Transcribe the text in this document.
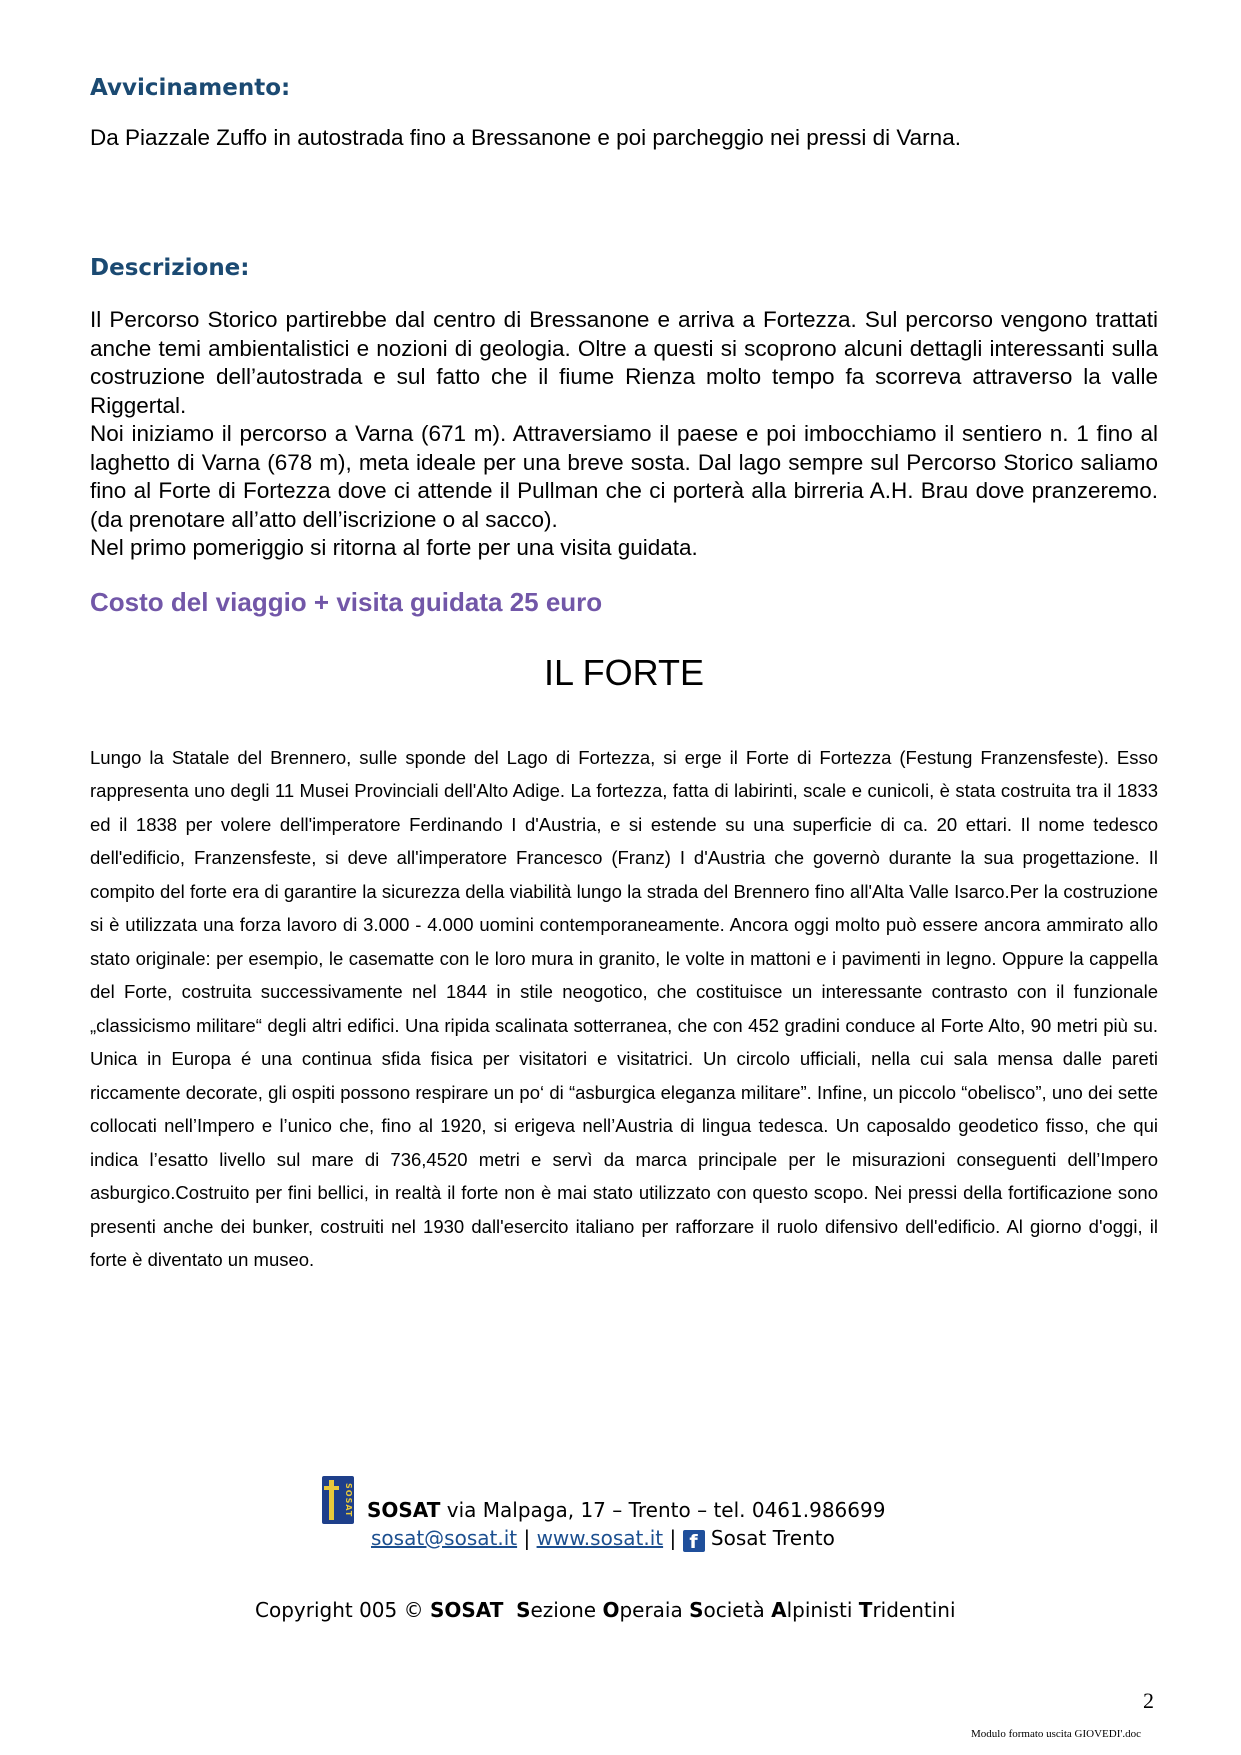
Avvicinamento:

Da Piazzale Zuffo in autostrada fino a Bressanone e poi parcheggio nei pressi di Varna.

Descrizione:

Il Percorso Storico partirebbe dal centro di Bressanone e arriva a Fortezza. Sul percorso vengono trattati anche temi ambientalistici e nozioni di geologia. Oltre a questi si scoprono alcuni dettagli interessanti sulla costruzione dell’autostrada e sul fatto che il fiume Rienza molto tempo fa scorreva attraverso la valle Riggertal.

Noi iniziamo il percorso a Varna (671 m). Attraversiamo il paese e poi imbocchiamo il sentiero n. 1 fino al laghetto di Varna (678 m), meta ideale per una breve sosta. Dal lago sempre sul Percorso Storico saliamo fino al Forte di Fortezza dove ci attende il Pullman che ci porterà alla birreria A.H. Brau dove pranzeremo. (da prenotare all’atto dell’iscrizione o al sacco).

Nel primo pomeriggio si ritorna al forte per una visita guidata.

Costo del viaggio + visita guidata 25 euro

IL FORTE

Lungo la Statale del Brennero, sulle sponde del Lago di Fortezza, si erge il Forte di Fortezza (Festung Franzensfeste). Esso rappresenta uno degli 11 Musei Provinciali dell'Alto Adige. La fortezza, fatta di labirinti, scale e cunicoli, è stata costruita tra il 1833 ed il 1838 per volere dell'imperatore Ferdinando I d'Austria, e si estende su una superficie di ca. 20 ettari. Il nome tedesco dell'edificio, Franzensfeste, si deve all'imperatore Francesco (Franz) I d'Austria che governò durante la sua progettazione. Il compito del forte era di garantire la sicurezza della viabilità lungo la strada del Brennero fino all'Alta Valle Isarco.Per la costruzione si è utilizzata una forza lavoro di 3.000 - 4.000 uomini contemporaneamente. Ancora oggi molto può essere ancora ammirato allo stato originale: per esempio, le casematte con le loro mura in granito, le volte in mattoni e i pavimenti in legno. Oppure la cappella del Forte, costruita successivamente nel 1844 in stile neogotico, che costituisce un interessante contrasto con il funzionale „classicismo militare“ degli altri edifici. Una ripida scalinata sotterranea, che con 452 gradini conduce al Forte Alto, 90 metri più su. Unica in Europa é una continua sfida fisica per visitatori e visitatrici. Un circolo ufficiali, nella cui sala mensa dalle pareti riccamente decorate, gli ospiti possono respirare un po‘ di “asburgica eleganza militare”. Infine, un piccolo “obelisco”, uno dei sette collocati nell’Impero e l’unico che, fino al 1920, si erigeva nell’Austria di lingua tedesca. Un caposaldo geodetico fisso, che qui indica l’esatto livello sul mare di 736,4520 metri e servì da marca principale per le misurazioni conseguenti dell’Impero asburgico.Costruito per fini bellici, in realtà il forte non è mai stato utilizzato con questo scopo. Nei pressi della fortificazione sono presenti anche dei bunker, costruiti nel 1930 dall'esercito italiano per rafforzare il ruolo difensivo dell'edificio. Al giorno d'oggi, il forte è diventato un museo.

SOSAT SOSAT via Malpaga, 17 – Trento – tel. 0461.986699
sosat@sosat.it | www.sosat.it | f Sosat Trento
Copyright 005 © SOSAT Sezione Operaia Società Alpinisti Tridentini
2
Modulo formato uscita GIOVEDI'.doc
